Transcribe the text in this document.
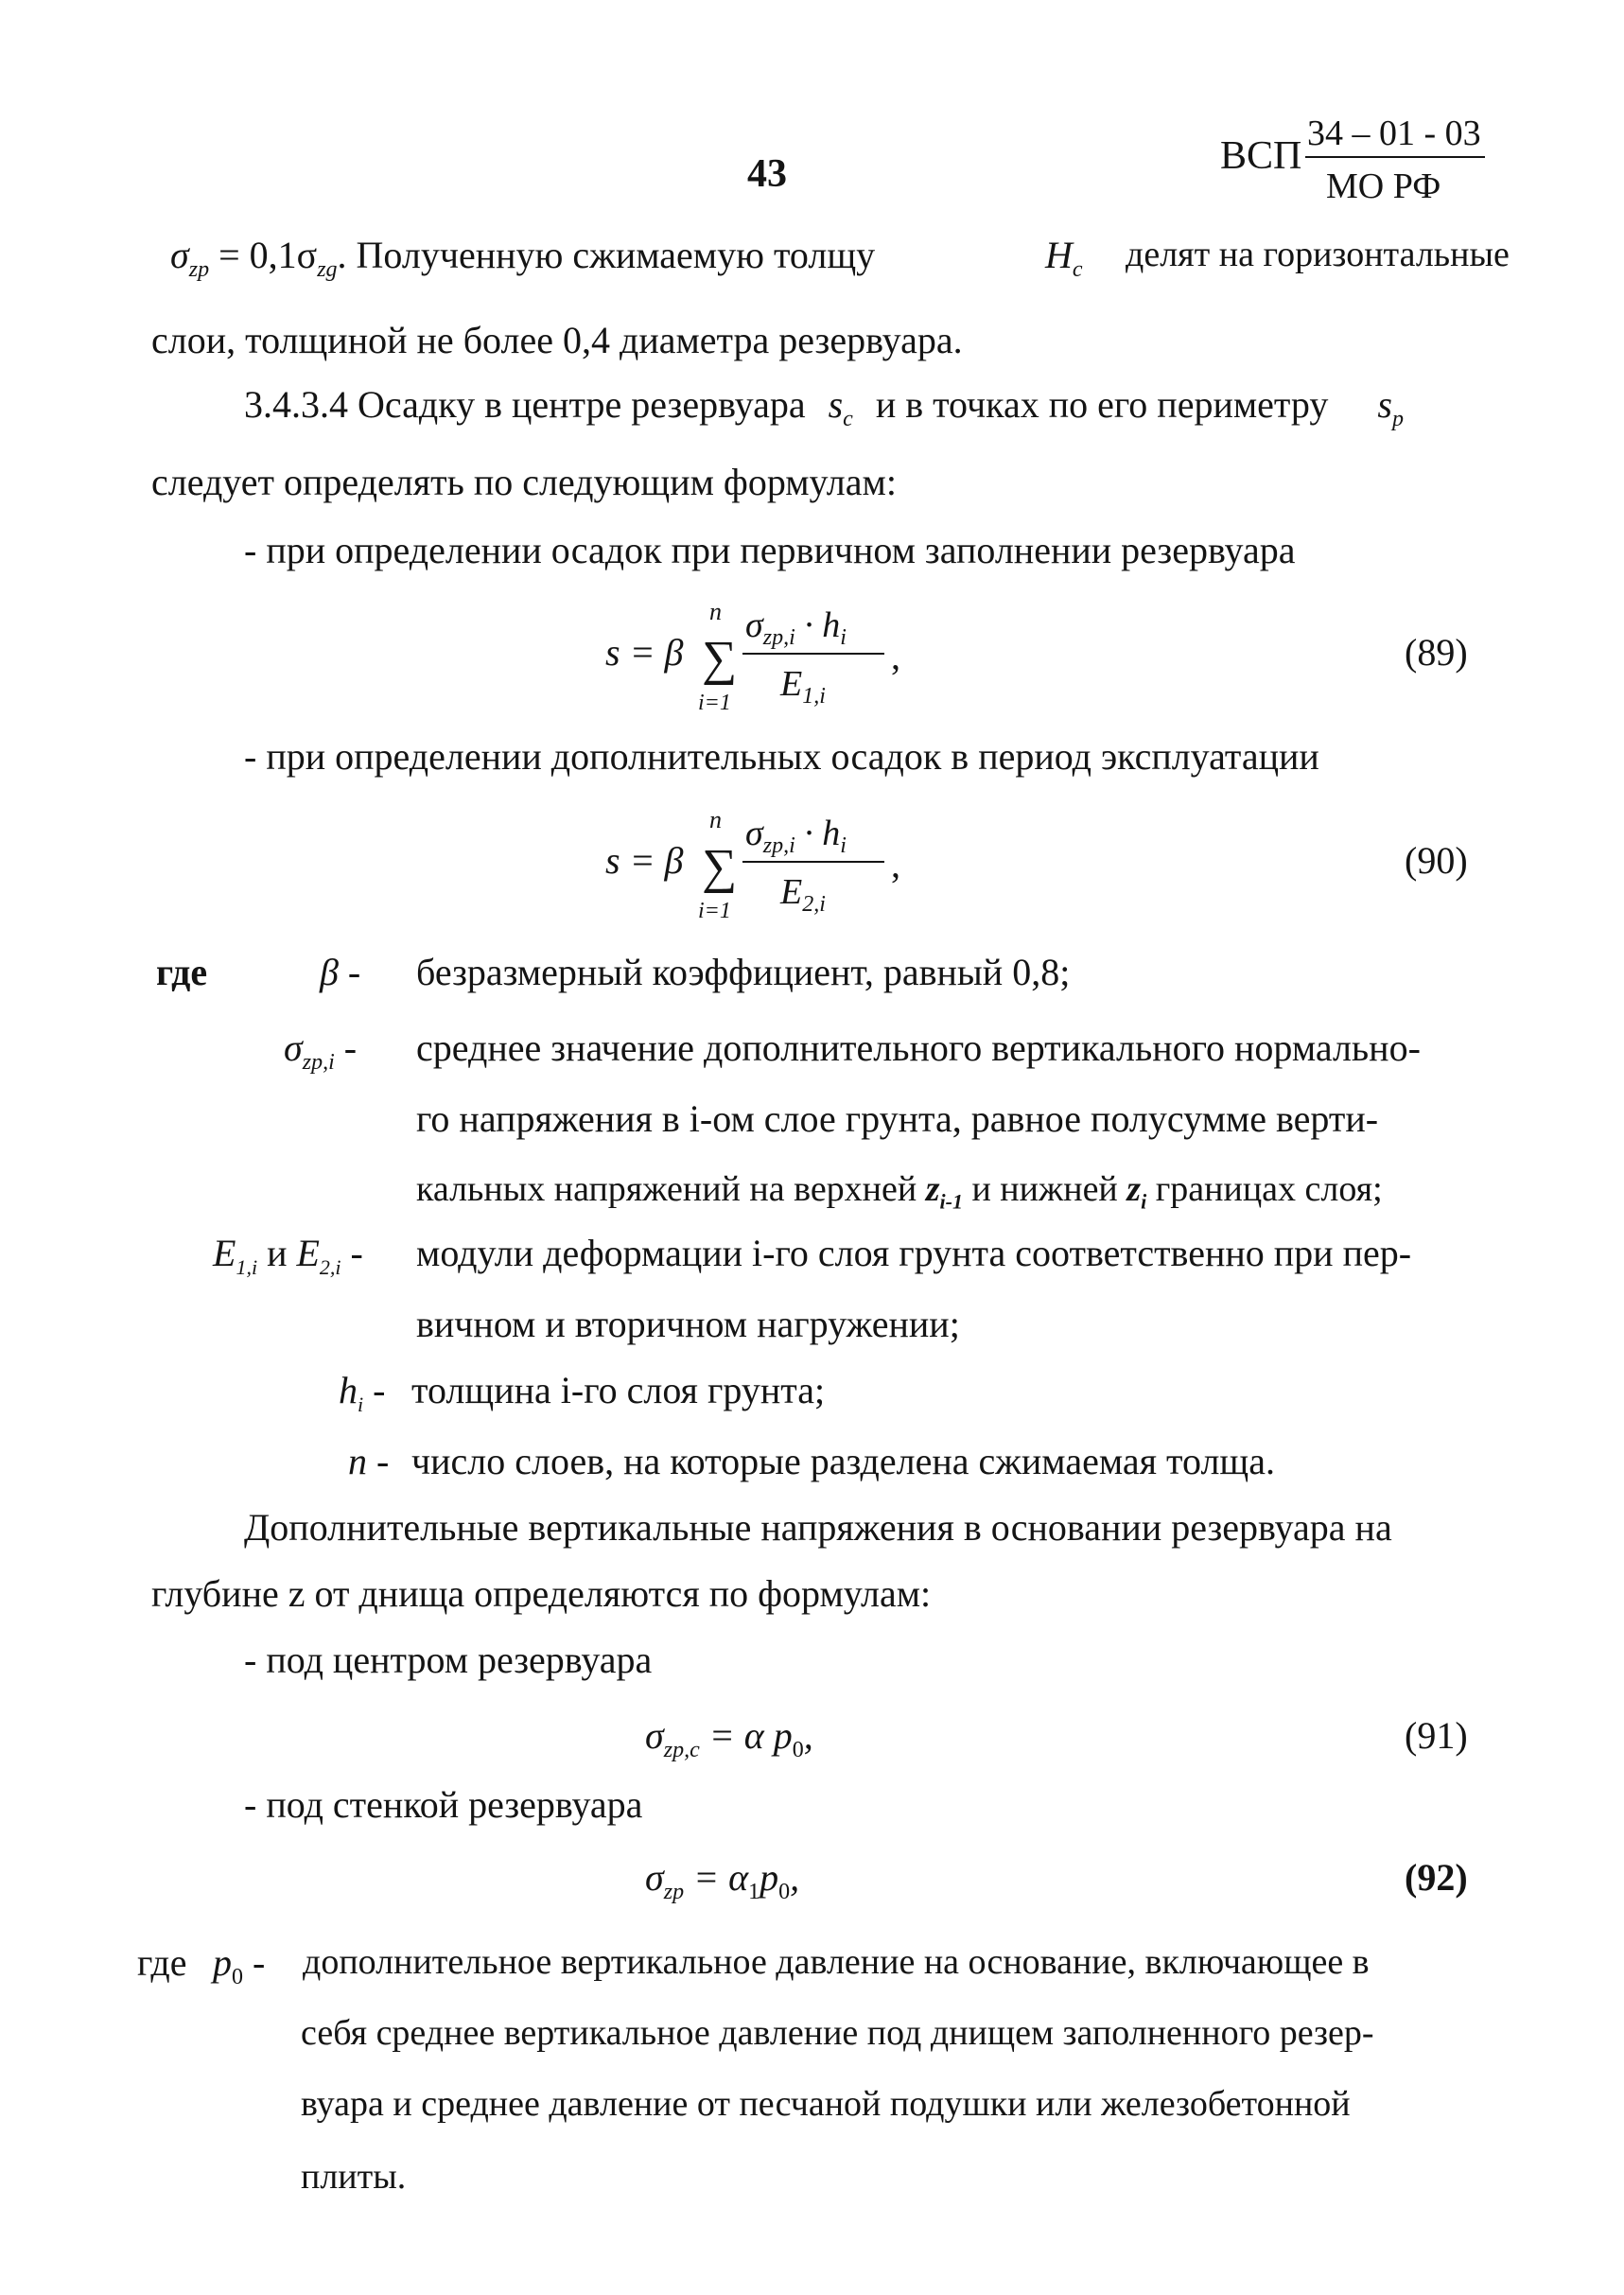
43	ВСП
34 – 01 - 03
МО РФ
$\sigma_{zp} = 0,1\sigma_{zg}$. Полученную сжимаемую толщу	$H_c$ делят на горизонтальные
слои, толщиной не более 0,4 диаметра резервуара.
3.4.3.4 Осадку в центре резервуара $s_c$ и в точках по его периметру $s_p$
следует определять по следующим формулам:
- при определении осадок при первичном заполнении резервуара
s = β
n
∑
i=1
$\sigma_{zp,i} \cdot h_i$
$E_{1,i}$
,	(89)
- при определении дополнительных осадок в период эксплуатации
s = β
n
∑
i=1
$\sigma_{zp,i} \cdot h_i$
$E_{2,i}$
,	(90)
где	β - безразмерный коэффициент, равный 0,8;
$\sigma_{zp,i}$ - среднее значение дополнительного вертикального нормально-
го напряжения в i-ом слое грунта, равное полусумме верти-
кальных напряжений на верхней $z_{i-1}$ и нижней $z_i$ границах слоя;
$E_{1,i}$ и $E_{2,i}$ - модули деформации i-го слоя грунта соответственно при пер-
вичном и вторичном нагружении;
$h_i$ - толщина i-го слоя грунта;
n - число слоев, на которые разделена сжимаемая толща.
Дополнительные вертикальные напряжения в основании резервуара на
глубине z от днища определяются по формулам:
- под центром резервуара
$\sigma_{zp,c} = \alpha$ $p_0$,	(91)
- под стенкой резервуара
$\sigma_{zp} = \alpha_1p_0$,	(92)
где $p_0$ - дополнительное вертикальное давление на основание, включающее в
себя среднее вертикальное давление под днищем заполненного резер-
вуара и среднее давление от песчаной подушки или железобетонной
плиты.
